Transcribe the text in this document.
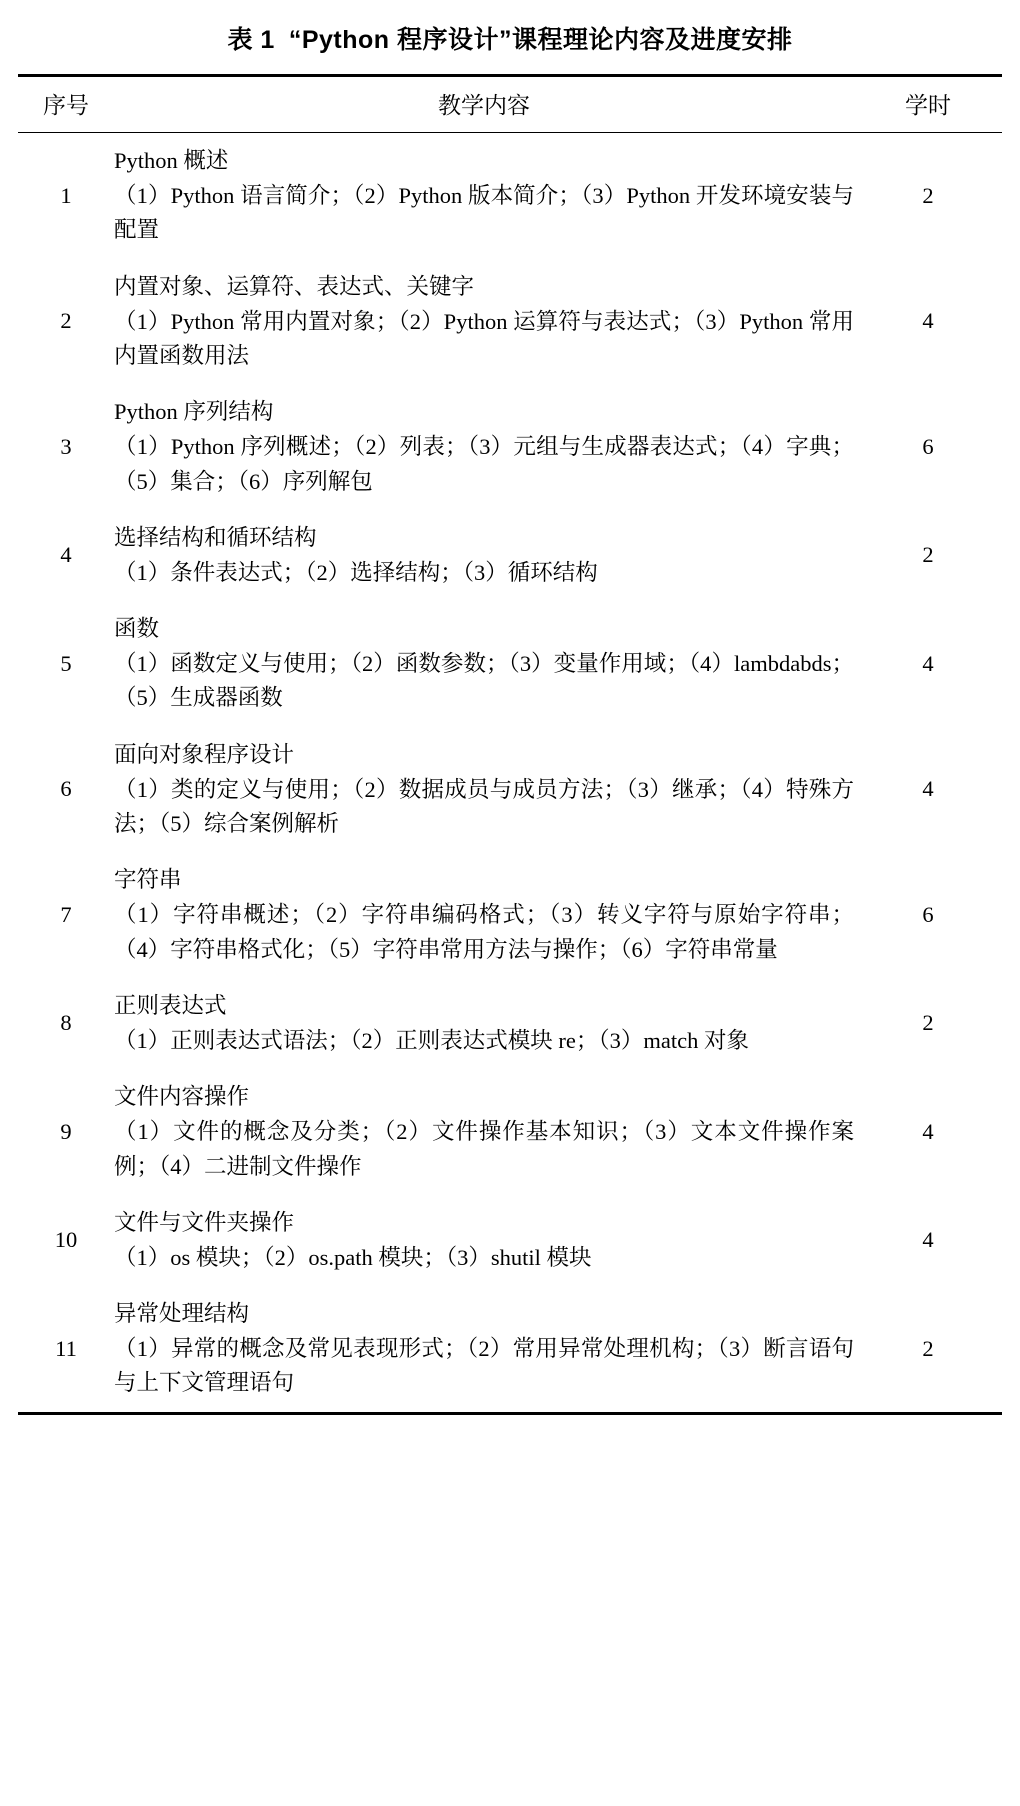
表 1 “Python 程序设计”课程理论内容及进度安排
序号	教学内容	学时
1	Python 概述
（1）Python 语言简介；（2）Python 版本简介；（3）Python 开发环境安装与配置	2
2	内置对象、运算符、表达式、关键字
（1）Python 常用内置对象；（2）Python 运算符与表达式；（3）Python 常用内置函数用法	4
3	Python 序列结构
（1）Python 序列概述；（2）列表；（3）元组与生成器表达式；（4）字典；（5）集合；（6）序列解包	6
4	选择结构和循环结构
（1）条件表达式；（2）选择结构；（3）循环结构	2
5	函数
（1）函数定义与使用；（2）函数参数；（3）变量作用域；（4）lambdabds；（5）生成器函数	4
6	面向对象程序设计
（1）类的定义与使用；（2）数据成员与成员方法；（3）继承；（4）特殊方法；（5）综合案例解析	4
7	字符串
（1）字符串概述；（2）字符串编码格式；（3）转义字符与原始字符串；（4）字符串格式化；（5）字符串常用方法与操作；（6）字符串常量	6
8	正则表达式
（1）正则表达式语法；（2）正则表达式模块 re；（3）match 对象	2
9	文件内容操作
（1）文件的概念及分类；（2）文件操作基本知识；（3）文本文件操作案例；（4）二进制文件操作	4
10	文件与文件夹操作
（1）os 模块；（2）os.path 模块；（3）shutil 模块	4
11	异常处理结构
（1）异常的概念及常见表现形式；（2）常用异常处理机构；（3）断言语句与上下文管理语句	2
